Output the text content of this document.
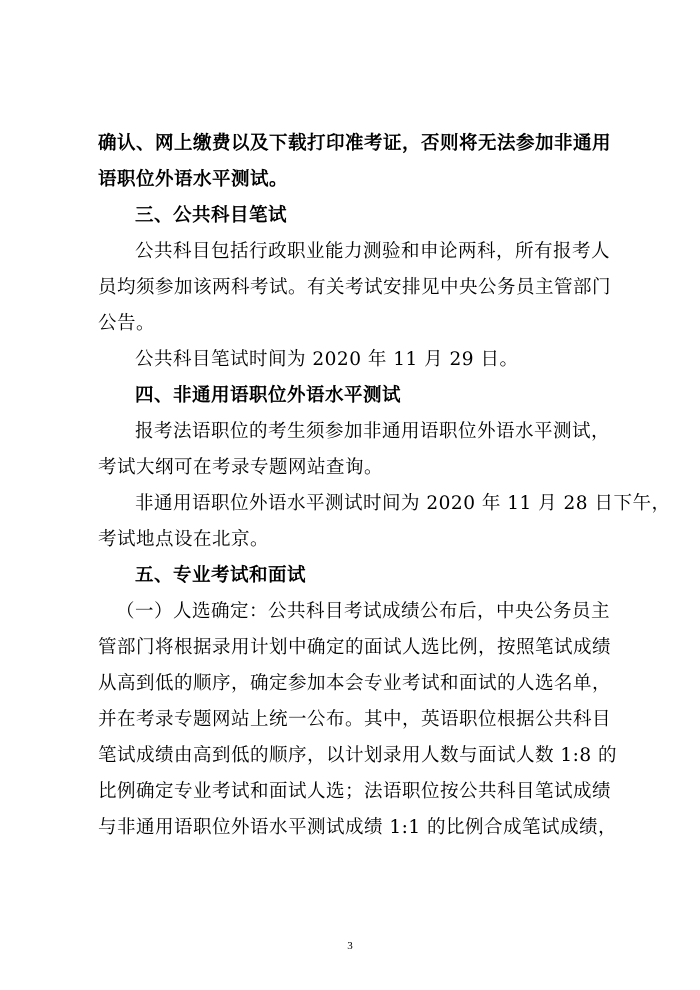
确认、网上缴费以及下载打印准考证，否则将无法参加非通用
语职位外语水平测试。
三、公共科目笔试
公共科目包括行政职业能力测验和申论两科，所有报考人
员均须参加该两科考试。有关考试安排见中央公务员主管部门
公告。
公共科目笔试时间为 2020 年 11 月 29 日。
四、非通用语职位外语水平测试
报考法语职位的考生须参加非通用语职位外语水平测试，
考试大纲可在考录专题网站查询。
非通用语职位外语水平测试时间为 2020 年 11 月 28 日下午，
考试地点设在北京。
五、专业考试和面试
（一）人选确定：公共科目考试成绩公布后，中央公务员主
管部门将根据录用计划中确定的面试人选比例，按照笔试成绩
从高到低的顺序，确定参加本会专业考试和面试的人选名单，
并在考录专题网站上统一公布。其中，英语职位根据公共科目
笔试成绩由高到低的顺序，以计划录用人数与面试人数 1:8 的
比例确定专业考试和面试人选；法语职位按公共科目笔试成绩
与非通用语职位外语水平测试成绩 1:1 的比例合成笔试成绩，
3
